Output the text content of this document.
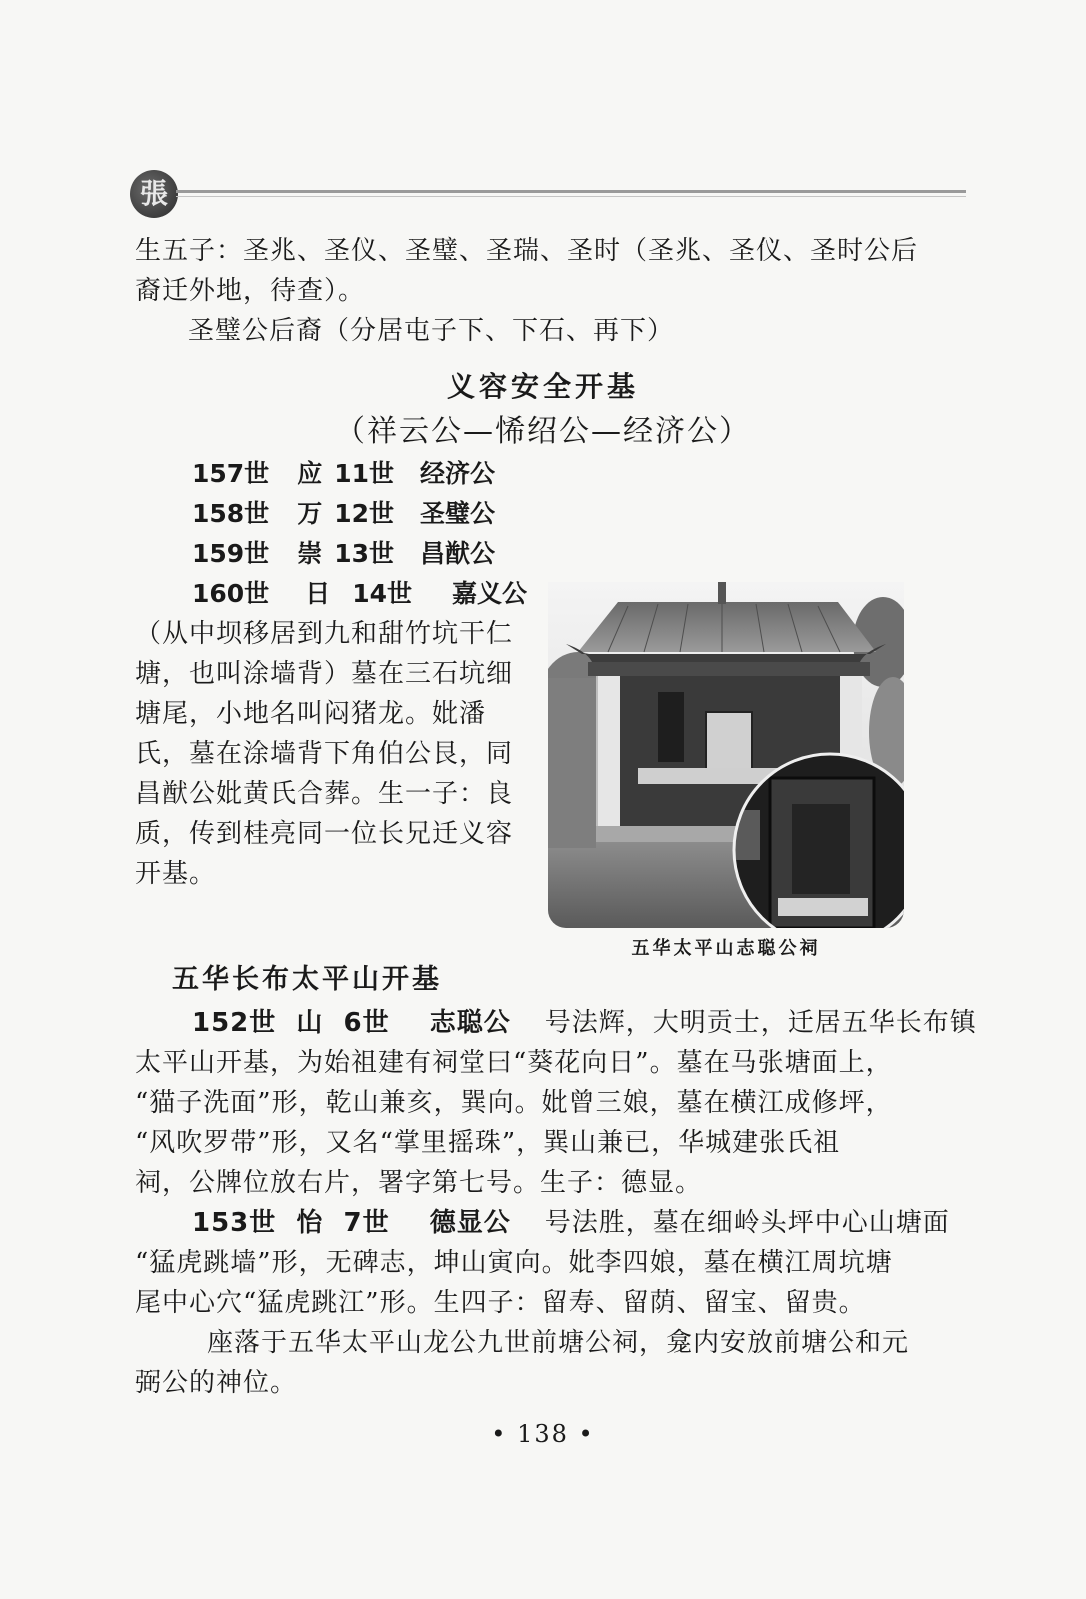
張
生五子：圣兆、圣仪、圣璧、圣瑞、圣时（圣兆、圣仪、圣时公后
裔迁外地，待查）。
圣璧公后裔（分居屯子下、下石、再下）
义容安全开基
（祥云公—悕绍公—经济公）
157世 应 11世 经济公
158世 万 12世 圣璧公
159世 崇 13世 昌猷公
160世 日 14世 嘉义公
（从中坝移居到九和甜竹坑干仁
塘，也叫涂墙背）墓在三石坑细
塘尾，小地名叫闷猪龙。妣潘
氏，墓在涂墙背下角伯公艮，同
昌猷公妣黄氏合葬。生一子：良
质，传到桂亮同一位长兄迁义容
开基。
五华太平山志聪公祠
五华长布太平山开基
152世  山  6世    志聪公 号法辉，大明贡士，迁居五华长布镇
太平山开基，为始祖建有祠堂曰“葵花向日”。墓在马张塘面上，
“猫子洗面”形，乾山兼亥，巽向。妣曾三娘，墓在横江成修坪，
“风吹罗带”形，又名“掌里摇珠”，巽山兼已，华城建张氏祖
祠，公牌位放右片，署字第七号。生子：德显。
153世  怡  7世    德显公 号法胜，墓在细岭头坪中心山塘面
“猛虎跳墙”形，无碑志，坤山寅向。妣李四娘，墓在横江周坑塘
尾中心穴“猛虎跳江”形。生四子：留寿、留荫、留宝、留贵。
座落于五华太平山龙公九世前塘公祠，龛内安放前塘公和元
弼公的神位。
• 138 •
